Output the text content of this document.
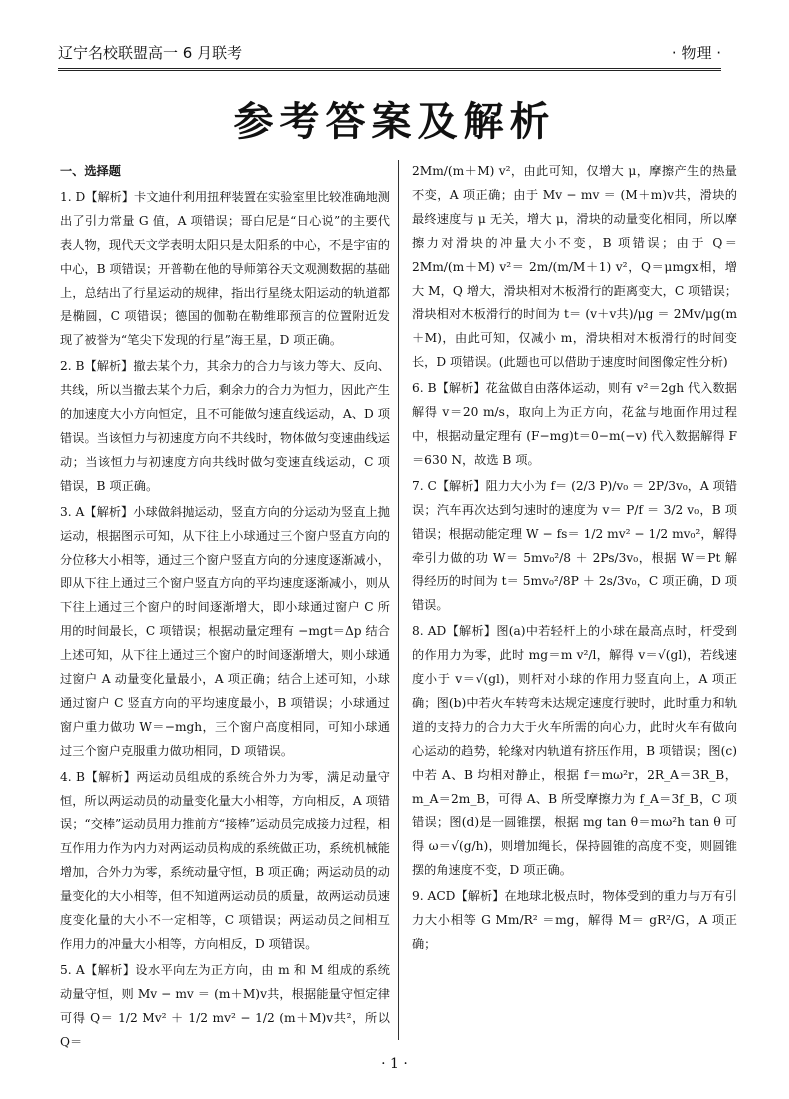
辽宁名校联盟高一 6 月联考	· 物理 ·
参考答案及解析

一、选择题

1. D【解析】卡文迪什利用扭秤装置在实验室里比较准确地测出了引力常量 G 值，A 项错误；哥白尼是“日心说”的主要代表人物，现代天文学表明太阳只是太阳系的中心，不是宇宙的中心，B 项错误；开普勒在他的导师第谷天文观测数据的基础上，总结出了行星运动的规律，指出行星绕太阳运动的轨道都是椭圆，C 项错误；德国的伽勒在勒维耶预言的位置附近发现了被誉为“笔尖下发现的行星”海王星，D 项正确。

2. B【解析】撤去某个力，其余力的合力与该力等大、反向、共线，所以当撤去某个力后，剩余力的合力为恒力，因此产生的加速度大小方向恒定，且不可能做匀速直线运动，A、D 项错误。当该恒力与初速度方向不共线时，物体做匀变速曲线运动；当该恒力与初速度方向共线时做匀变速直线运动，C 项错误，B 项正确。

3. A【解析】小球做斜抛运动，竖直方向的分运动为竖直上抛运动，根据图示可知，从下往上小球通过三个窗户竖直方向的分位移大小相等，通过三个窗户竖直方向的分速度逐渐减小，即从下往上通过三个窗户竖直方向的平均速度逐渐减小，则从下往上通过三个窗户的时间逐渐增大，即小球通过窗户 C 所用的时间最长，C 项错误；根据动量定理有 −mgt＝Δp 结合上述可知，从下往上通过三个窗户的时间逐渐增大，则小球通过窗户 A 动量变化量最小，A 项正确；结合上述可知，小球通过窗户 C 竖直方向的平均速度最小，B 项错误；小球通过窗户重力做功 W＝−mgh，三个窗户高度相同，可知小球通过三个窗户克服重力做功相同，D 项错误。

4. B【解析】两运动员组成的系统合外力为零，满足动量守恒，所以两运动员的动量变化量大小相等，方向相反，A 项错误；“交棒”运动员用力推前方“接棒”运动员完成接力过程，相互作用力作为内力对两运动员构成的系统做正功，系统机械能增加，合外力为零，系统动量守恒，B 项正确；两运动员的动量变化的大小相等，但不知道两运动员的质量，故两运动员速度变化量的大小不一定相等，C 项错误；两运动员之间相互作用力的冲量大小相等，方向相反，D 项错误。

5. A【解析】设水平向左为正方向，由 m 和 M 组成的系统动量守恒，则 Mv − mv ＝ (m＋M)v共，根据能量守恒定律可得 Q＝ 1/2 Mv² ＋ 1/2 mv² − 1/2 (m＋M)v共²，所以 Q＝

2Mm/(m＋M) v²，由此可知，仅增大 μ，摩擦产生的热量不变，A 项正确；由于 Mv − mv ＝ (M＋m)v共，滑块的最终速度与 μ 无关，增大 μ，滑块的动量变化相同，所以摩擦力对滑块的冲量大小不变，B 项错误；由于 Q＝ 2Mm/(m＋M) v²＝ 2m/(m/M＋1) v²，Q＝μmgx相，增大 M，Q 增大，滑块相对木板滑行的距离变大，C 项错误；滑块相对木板滑行的时间为 t＝ (v＋v共)/μg ＝ 2Mv/μg(m＋M)，由此可知，仅减小 m，滑块相对木板滑行的时间变长，D 项错误。(此题也可以借助于速度时间图像定性分析)

6. B【解析】花盆做自由落体运动，则有 v²＝2gh 代入数据解得 v＝20 m/s，取向上为正方向，花盆与地面作用过程中，根据动量定理有 (F−mg)t＝0−m(−v) 代入数据解得 F＝630 N，故选 B 项。

7. C【解析】阻力大小为 f＝ (2/3 P)/v₀ ＝ 2P/3v₀，A 项错误；汽车再次达到匀速时的速度为 v＝ P/f ＝ 3/2 v₀，B 项错误；根据动能定理 W − fs＝ 1/2 mv² − 1/2 mv₀²，解得牵引力做的功 W＝ 5mv₀²/8 ＋ 2Ps/3v₀，根据 W＝Pt 解得经历的时间为 t＝ 5mv₀²/8P ＋ 2s/3v₀，C 项正确，D 项错误。

8. AD【解析】图(a)中若轻杆上的小球在最高点时，杆受到的作用力为零，此时 mg＝m v²/l，解得 v＝√(gl)，若线速度小于 v＝√(gl)，则杆对小球的作用力竖直向上，A 项正确；图(b)中若火车转弯未达规定速度行驶时，此时重力和轨道的支持力的合力大于火车所需的向心力，此时火车有做向心运动的趋势，轮缘对内轨道有挤压作用，B 项错误；图(c)中若 A、B 均相对静止，根据 f＝mω²r，2R_A＝3R_B，m_A＝2m_B，可得 A、B 所受摩擦力为 f_A＝3f_B，C 项错误；图(d)是一圆锥摆，根据 mg tan θ＝mω²h tan θ 可得 ω＝√(g/h)，则增加绳长，保持圆锥的高度不变，则圆锥摆的角速度不变，D 项正确。

9. ACD【解析】在地球北极点时，物体受到的重力与万有引力大小相等 G Mm/R² ＝mg，解得 M＝ gR²/G，A 项正确；

· 1 ·
